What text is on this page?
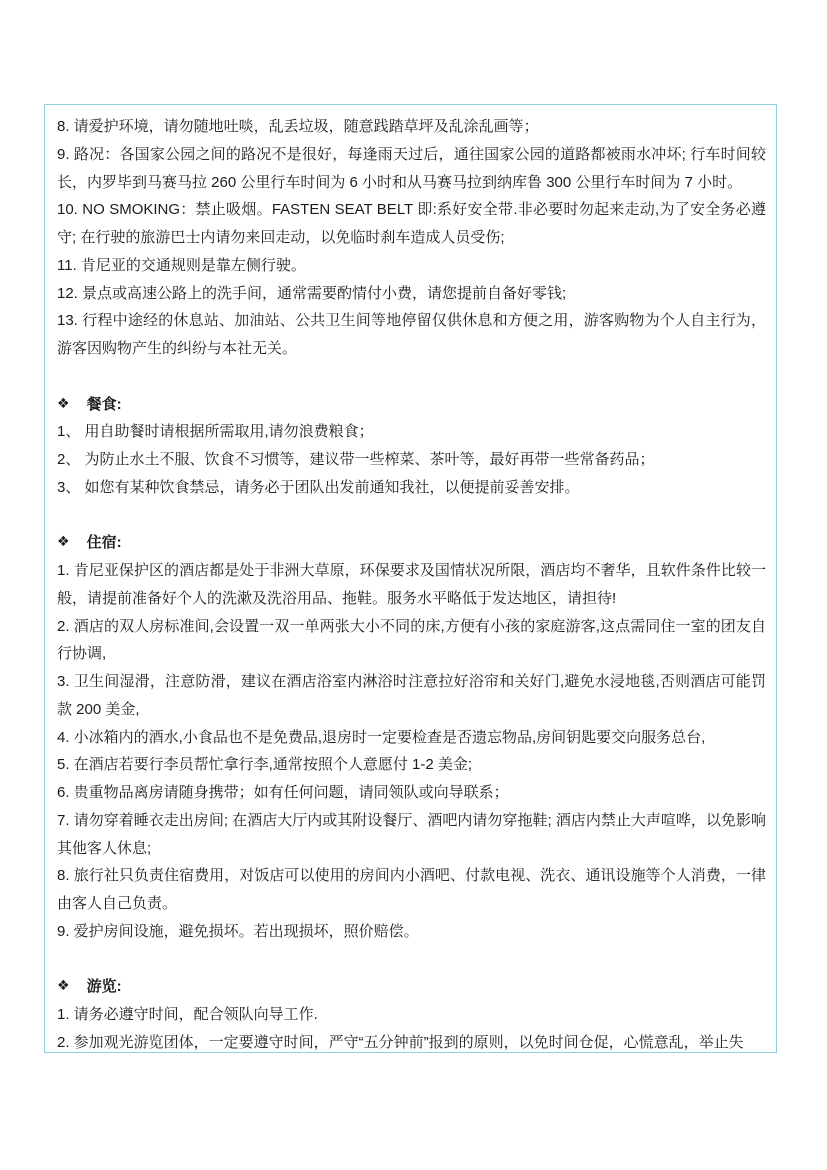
8. 请爱护环境，请勿随地吐啖，乱丢垃圾，随意践踏草坪及乱涂乱画等；

9. 路况：各国家公园之间的路况不是很好，每逢雨天过后，通往国家公园的道路都被雨水冲坏; 行车时间较长，内罗毕到马赛马拉 260 公里行车时间为 6 小时和从马赛马拉到纳库鲁 300 公里行车时间为 7 小时。

10. NO SMOKING：禁止吸烟。FASTEN SEAT BELT 即:系好安全带.非必要时勿起来走动,为了安全务必遵守; 在行驶的旅游巴士内请勿来回走动，以免临时刹车造成人员受伤;

11. 肯尼亚的交通规则是靠左侧行驶。

12. 景点或高速公路上的洗手间，通常需要酌情付小费，请您提前自备好零钱;

13. 行程中途经的休息站、加油站、公共卫生间等地停留仅供休息和方便之用，游客购物为个人自主行为，游客因购物产生的纠纷与本社无关。

❖ 餐食:

1、 用自助餐时请根据所需取用,请勿浪费粮食；

2、 为防止水土不服、饮食不习惯等，建议带一些榨菜、茶叶等，最好再带一些常备药品；

3、 如您有某种饮食禁忌，请务必于团队出发前通知我社，以便提前妥善安排。

❖ 住宿:

1. 肯尼亚保护区的酒店都是处于非洲大草原，环保要求及国情状况所限，酒店均不奢华，且软件条件比较一般，请提前准备好个人的洗漱及洗浴用品、拖鞋。服务水平略低于发达地区，请担待!

2. 酒店的双人房标准间,会设置一双一单两张大小不同的床,方便有小孩的家庭游客,这点需同住一室的团友自行协调,

3. 卫生间湿滑，注意防滑，建议在酒店浴室内淋浴时注意拉好浴帘和关好门,避免水浸地毯,否则酒店可能罚款 200 美金,

4. 小冰箱内的酒水,小食品也不是免费品,退房时一定要检查是否遗忘物品,房间钥匙要交向服务总台,

5. 在酒店若要行李员帮忙拿行李,通常按照个人意愿付 1-2 美金;

6. 贵重物品离房请随身携带；如有任何问题，请同领队或向导联系；

7. 请勿穿着睡衣走出房间; 在酒店大厅内或其附设餐厅、酒吧内请勿穿拖鞋; 酒店内禁止大声喧哗，以免影响其他客人休息;

8. 旅行社只负责住宿费用，对饭店可以使用的房间内小酒吧、付款电视、洗衣、通讯设施等个人消费，一律由客人自己负责。

9. 爱护房间设施，避免损坏。若出现损坏，照价赔偿。

❖ 游览:

1. 请务必遵守时间，配合领队向导工作.

2. 参加观光游览团体，一定要遵守时间，严守“五分钟前”报到的原则，以免时间仓促，心慌意乱，举止失
